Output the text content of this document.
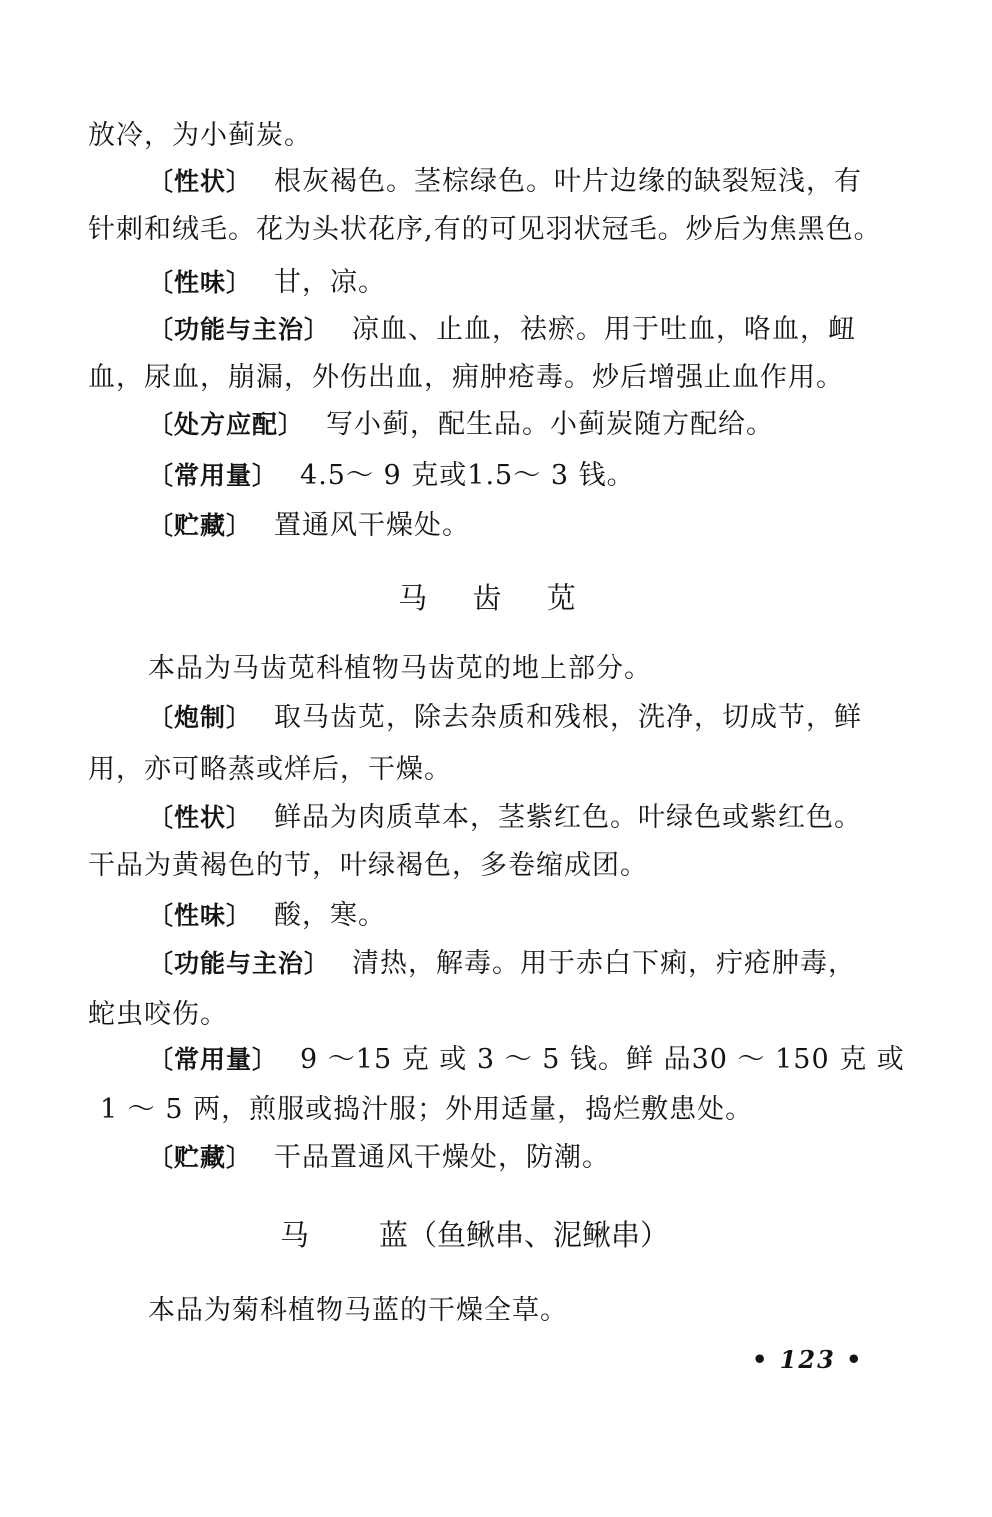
放冷，为小蓟炭。
〔性状〕 根灰褐色。茎棕绿色。叶片边缘的缺裂短浅，有
针刺和绒毛。花为头状花序,有的可见羽状冠毛。炒后为焦黑色。
〔性味〕 甘，凉。
〔功能与主治〕 凉血、止血，祛瘀。用于吐血，咯血，衄
血，尿血，崩漏，外伤出血，痈肿疮毒。炒后增强止血作用。
〔处方应配〕 写小蓟，配生品。小蓟炭随方配给。
〔常用量〕 4.5～ 9 克或1.5～ 3 钱。
〔贮藏〕 置通风干燥处。
马 齿 苋
本品为马齿苋科植物马齿苋的地上部分。
〔炮制〕 取马齿苋，除去杂质和残根，洗净，切成节，鲜
用，亦可略蒸或烊后，干燥。
〔性状〕 鲜品为肉质草本，茎紫红色。叶绿色或紫红色。
干品为黄褐色的节，叶绿褐色，多卷缩成团。
〔性味〕 酸，寒。
〔功能与主治〕 清热，解毒。用于赤白下痢，疔疮肿毒，
蛇虫咬伤。
〔常用量〕 9 ～15 克 或 3 ～ 5 钱。鲜 品30 ～ 150 克 或
1 ～ 5 两，煎服或捣汁服；外用适量，捣烂敷患处。
〔贮藏〕 干品置通风干燥处，防潮。
马 蓝（鱼鳅串、泥鳅串）
本品为菊科植物马蓝的干燥全草。
• 123 •
